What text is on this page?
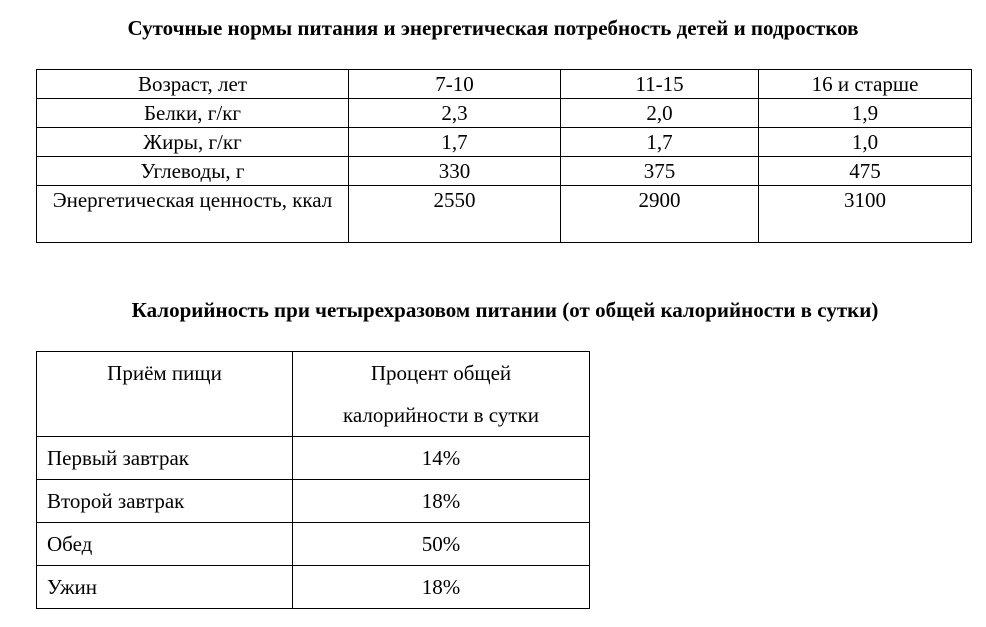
Суточные нормы питания и энергетическая потребность детей и подростков
Возраст, лет	7-10	11-15	16 и старше
Белки, г/кг	2,3	2,0	1,9
Жиры, г/кг	1,7	1,7	1,0
Углеводы, г	330	375	475
Энергетическая ценность, ккал	2550	2900	3100
Калорийность при четырехразовом питании (от общей калорийности в сутки)
Приём пищи	Процент общей калорийности в сутки
Первый завтрак	14%
Второй завтрак	18%
Обед	50%
Ужин	18%
